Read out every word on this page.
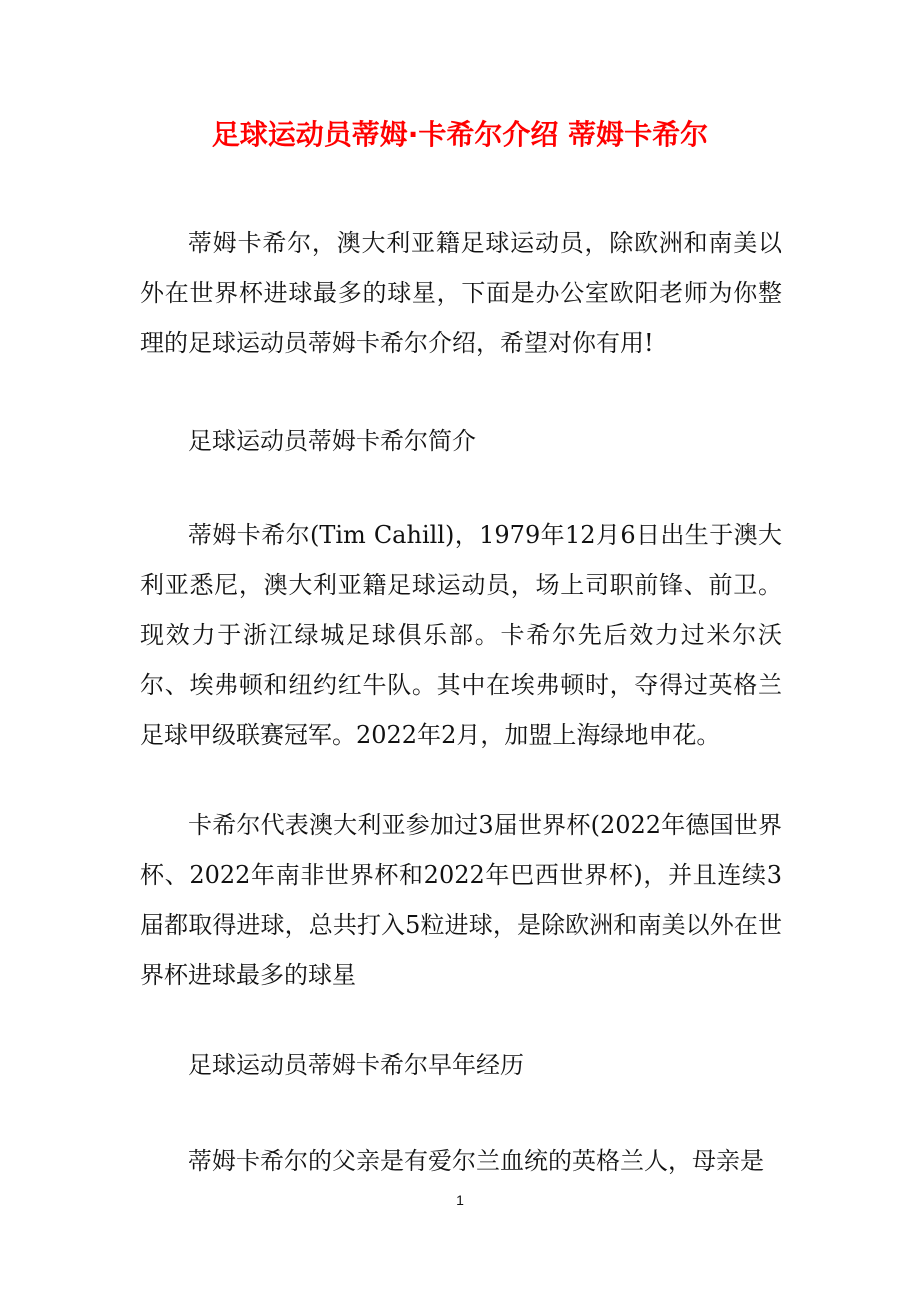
足球运动员蒂姆·卡希尔介绍 蒂姆卡希尔

蒂姆卡希尔，澳大利亚籍足球运动员，除欧洲和南美以外在世界杯进球最多的球星，下面是办公室欧阳老师为你整理的足球运动员蒂姆卡希尔介绍，希望对你有用!

足球运动员蒂姆卡希尔简介

蒂姆卡希尔(Tim Cahill)，1979年12月6日出生于澳大利亚悉尼，澳大利亚籍足球运动员，场上司职前锋、前卫。现效力于浙江绿城足球俱乐部。卡希尔先后效力过米尔沃尔、埃弗顿和纽约红牛队。其中在埃弗顿时，夺得过英格兰足球甲级联赛冠军。2022年2月，加盟上海绿地申花。

卡希尔代表澳大利亚参加过3届世界杯(2022年德国世界杯、2022年南非世界杯和2022年巴西世界杯)，并且连续3届都取得进球，总共打入5粒进球，是除欧洲和南美以外在世界杯进球最多的球星

足球运动员蒂姆卡希尔早年经历

蒂姆卡希尔的父亲是有爱尔兰血统的英格兰人，母亲是

1
